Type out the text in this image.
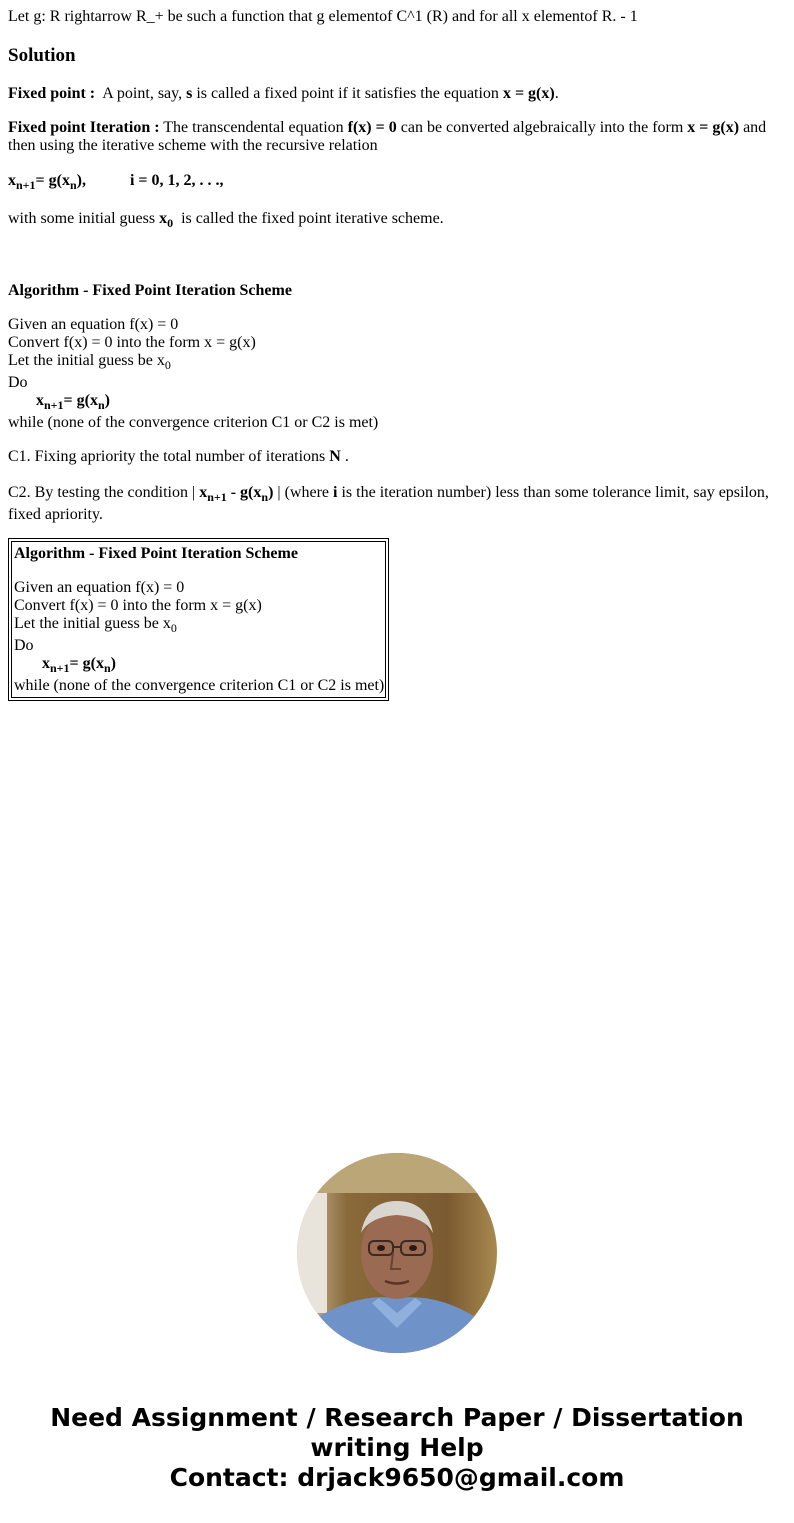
Let g: R rightarrow R_+ be such a function that g elementof C^1 (R) and for all x elementof R. - 1

Solution

Fixed point : A point, say, s is called a fixed point if it satisfies the equation x = g(x).

Fixed point Iteration : The transcendental equation f(x) = 0 can be converted algebraically into the form x = g(x) and then using the iterative scheme with the recursive relation

$x_{n+1}= g(x_n)$,	i = 0, 1, 2, . . .,

with some initial guess $x_0$ is called the fixed point iterative scheme.

Algorithm - Fixed Point Iteration Scheme

Given an equation f(x) = 0
Convert f(x) = 0 into the form x = g(x)
Let the initial guess be $x_0$
Do
$x_{n+1}= g(x_n)$
while (none of the convergence criterion C1 or C2 is met)

C1. Fixing apriority the total number of iterations N .

C2. By testing the condition | $x_{n+1} - g(x_n)$ | (where i is the iteration number) less than some tolerance limit, say epsilon, fixed apriority.

Algorithm - Fixed Point Iteration Scheme
Given an equation f(x) = 0
Convert f(x) = 0 into the form x = g(x)
Let the initial guess be $x_0$
Do
$x_{n+1}= g(x_n)$
while (none of the convergence criterion C1 or C2 is met)
Need Assignment / Research Paper / Dissertation
writing Help
Contact: drjack9650@gmail.com
